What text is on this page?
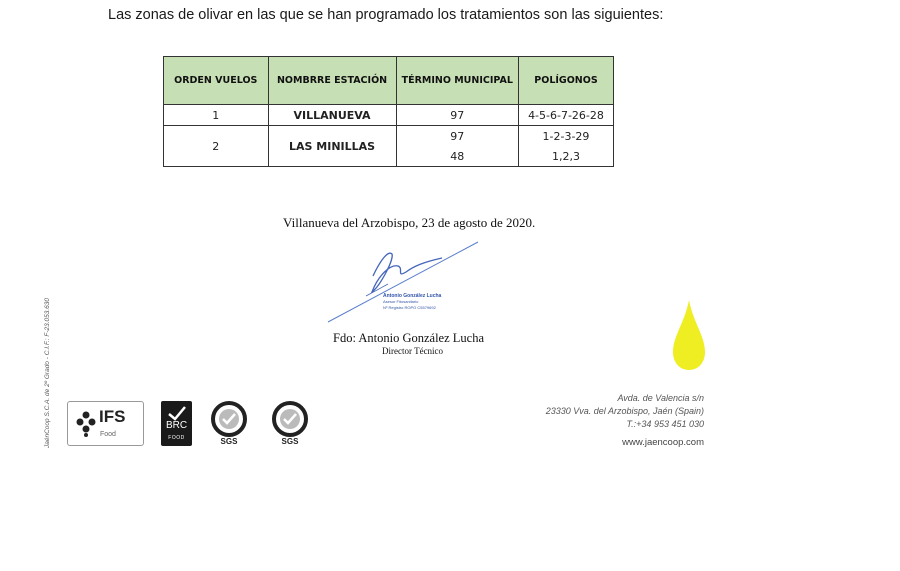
Las zonas de olivar en las que se han programado los tratamientos son las siguientes:
ORDEN VUELOS	NOMBRRE ESTACIÓN	TÉRMINO MUNICIPAL	POLÍGONOS
1	VILLANUEVA	97	4-5-6-7-26-28
2	LAS MINILLAS	97	1-2-3-29
		48	1,2,3
Villanueva del Arzobispo, 23 de agosto de 2020.
Antonio González Lucha
Asesor Fitosanitario
Nº Registro ROPO C5579692
Fdo: Antonio González Lucha
Director Técnico
JaénCoop S.C.A. de 2º Grado - C.I.F.: F-23.053.630	Avda. de Valencia s/n
23330 Vva. del Arzobispo, Jaén (Spain)
T.:+34 953 451 030
www.jaencoop.com
IFS
Food
BRC
FOOD	SGS	SGS
